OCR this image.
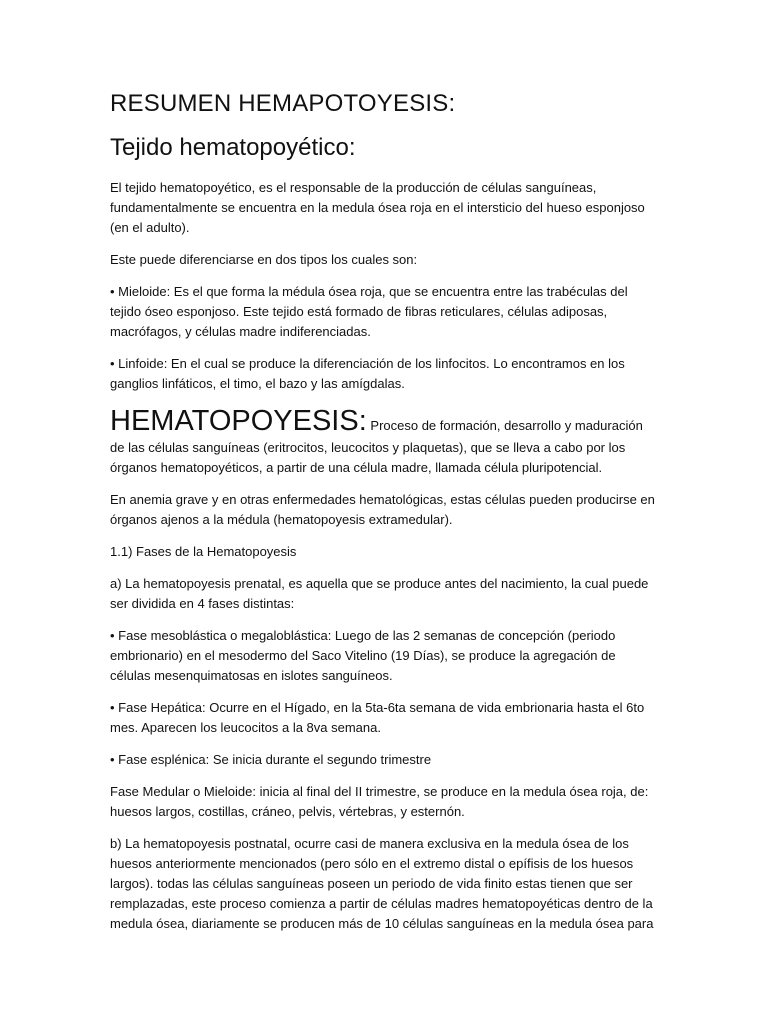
RESUMEN HEMAPOTOYESIS:
Tejido hematopoyético:

El tejido hematopoyético, es el responsable de la producción de células sanguíneas, fundamentalmente se encuentra en la medula ósea roja en el intersticio del hueso esponjoso (en el adulto).

Este puede diferenciarse en dos tipos los cuales son:

• Mieloide: Es el que forma la médula ósea roja, que se encuentra entre las trabéculas del tejido óseo esponjoso. Este tejido está formado de fibras reticulares, células adiposas, macrófagos, y células madre indiferenciadas.

• Linfoide: En el cual se produce la diferenciación de los linfocitos. Lo encontramos en los ganglios linfáticos, el timo, el bazo y las amígdalas.

HEMATOPOYESIS: Proceso de formación, desarrollo y maduración de las células sanguíneas (eritrocitos, leucocitos y plaquetas), que se lleva a cabo por los órganos hematopoyéticos, a partir de una célula madre, llamada célula pluripotencial.

En anemia grave y en otras enfermedades hematológicas, estas células pueden producirse en órganos ajenos a la médula (hematopoyesis extramedular).

1.1) Fases de la Hematopoyesis

a) La hematopoyesis prenatal, es aquella que se produce antes del nacimiento, la cual puede ser dividida en 4 fases distintas:

• Fase mesoblástica o megaloblástica: Luego de las 2 semanas de concepción (periodo embrionario) en el mesodermo del Saco Vitelino (19 Días), se produce la agregación de células mesenquimatosas en islotes sanguíneos.

• Fase Hepática: Ocurre en el Hígado, en la 5ta-6ta semana de vida embrionaria hasta el 6to mes. Aparecen los leucocitos a la 8va semana.

• Fase esplénica: Se inicia durante el segundo trimestre

Fase Medular o Mieloide: inicia al final del II trimestre, se produce en la medula ósea roja, de: huesos largos, costillas, cráneo, pelvis, vértebras, y esternón.

b) La hematopoyesis postnatal, ocurre casi de manera exclusiva en la medula ósea de los huesos anteriormente mencionados (pero sólo en el extremo distal o epífisis de los huesos largos). todas las células sanguíneas poseen un periodo de vida finito estas tienen que ser remplazadas, este proceso comienza a partir de células madres hematopoyéticas dentro de la medula ósea, diariamente se producen más de 10 células sanguíneas en la medula ósea para
